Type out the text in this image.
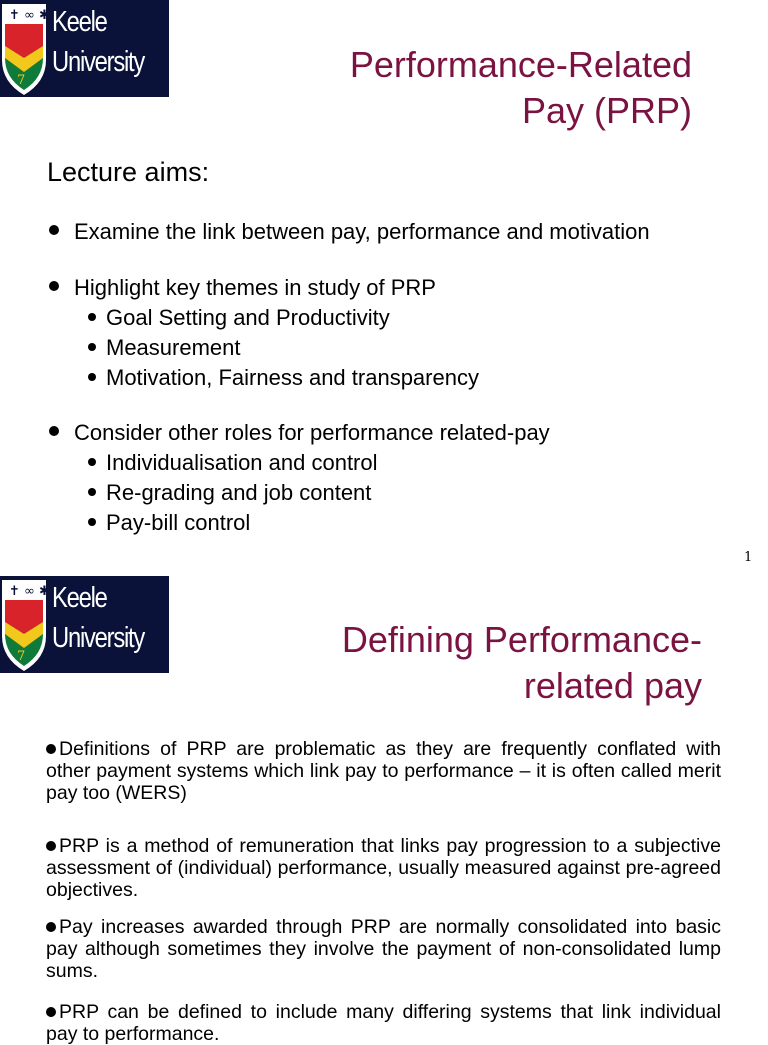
✝ ∞ ✱
7
Keele
University	Performance-Related
Pay (PRP)
Lecture aims:
Examine the link between pay, performance and motivation
Highlight key themes in study of PRP
Goal Setting and Productivity
Measurement
Motivation, Fairness and transparency
Consider other roles for performance related-pay
Individualisation and control
Re-grading and job content
Pay-bill control
1
✝ ∞ ✱
7
Keele
University	Defining Performance-
related pay
Definitions of PRP are problematic as they are frequently conflated with other payment systems which link pay to performance – it is often called merit pay too (WERS)
PRP is a method of remuneration that links pay progression to a subjective assessment of (individual) performance, usually measured against pre-agreed objectives.
Pay increases awarded through PRP are normally consolidated into basic pay although sometimes they involve the payment of non-consolidated lump sums.
PRP can be defined to include many differing systems that link individual pay to performance.
